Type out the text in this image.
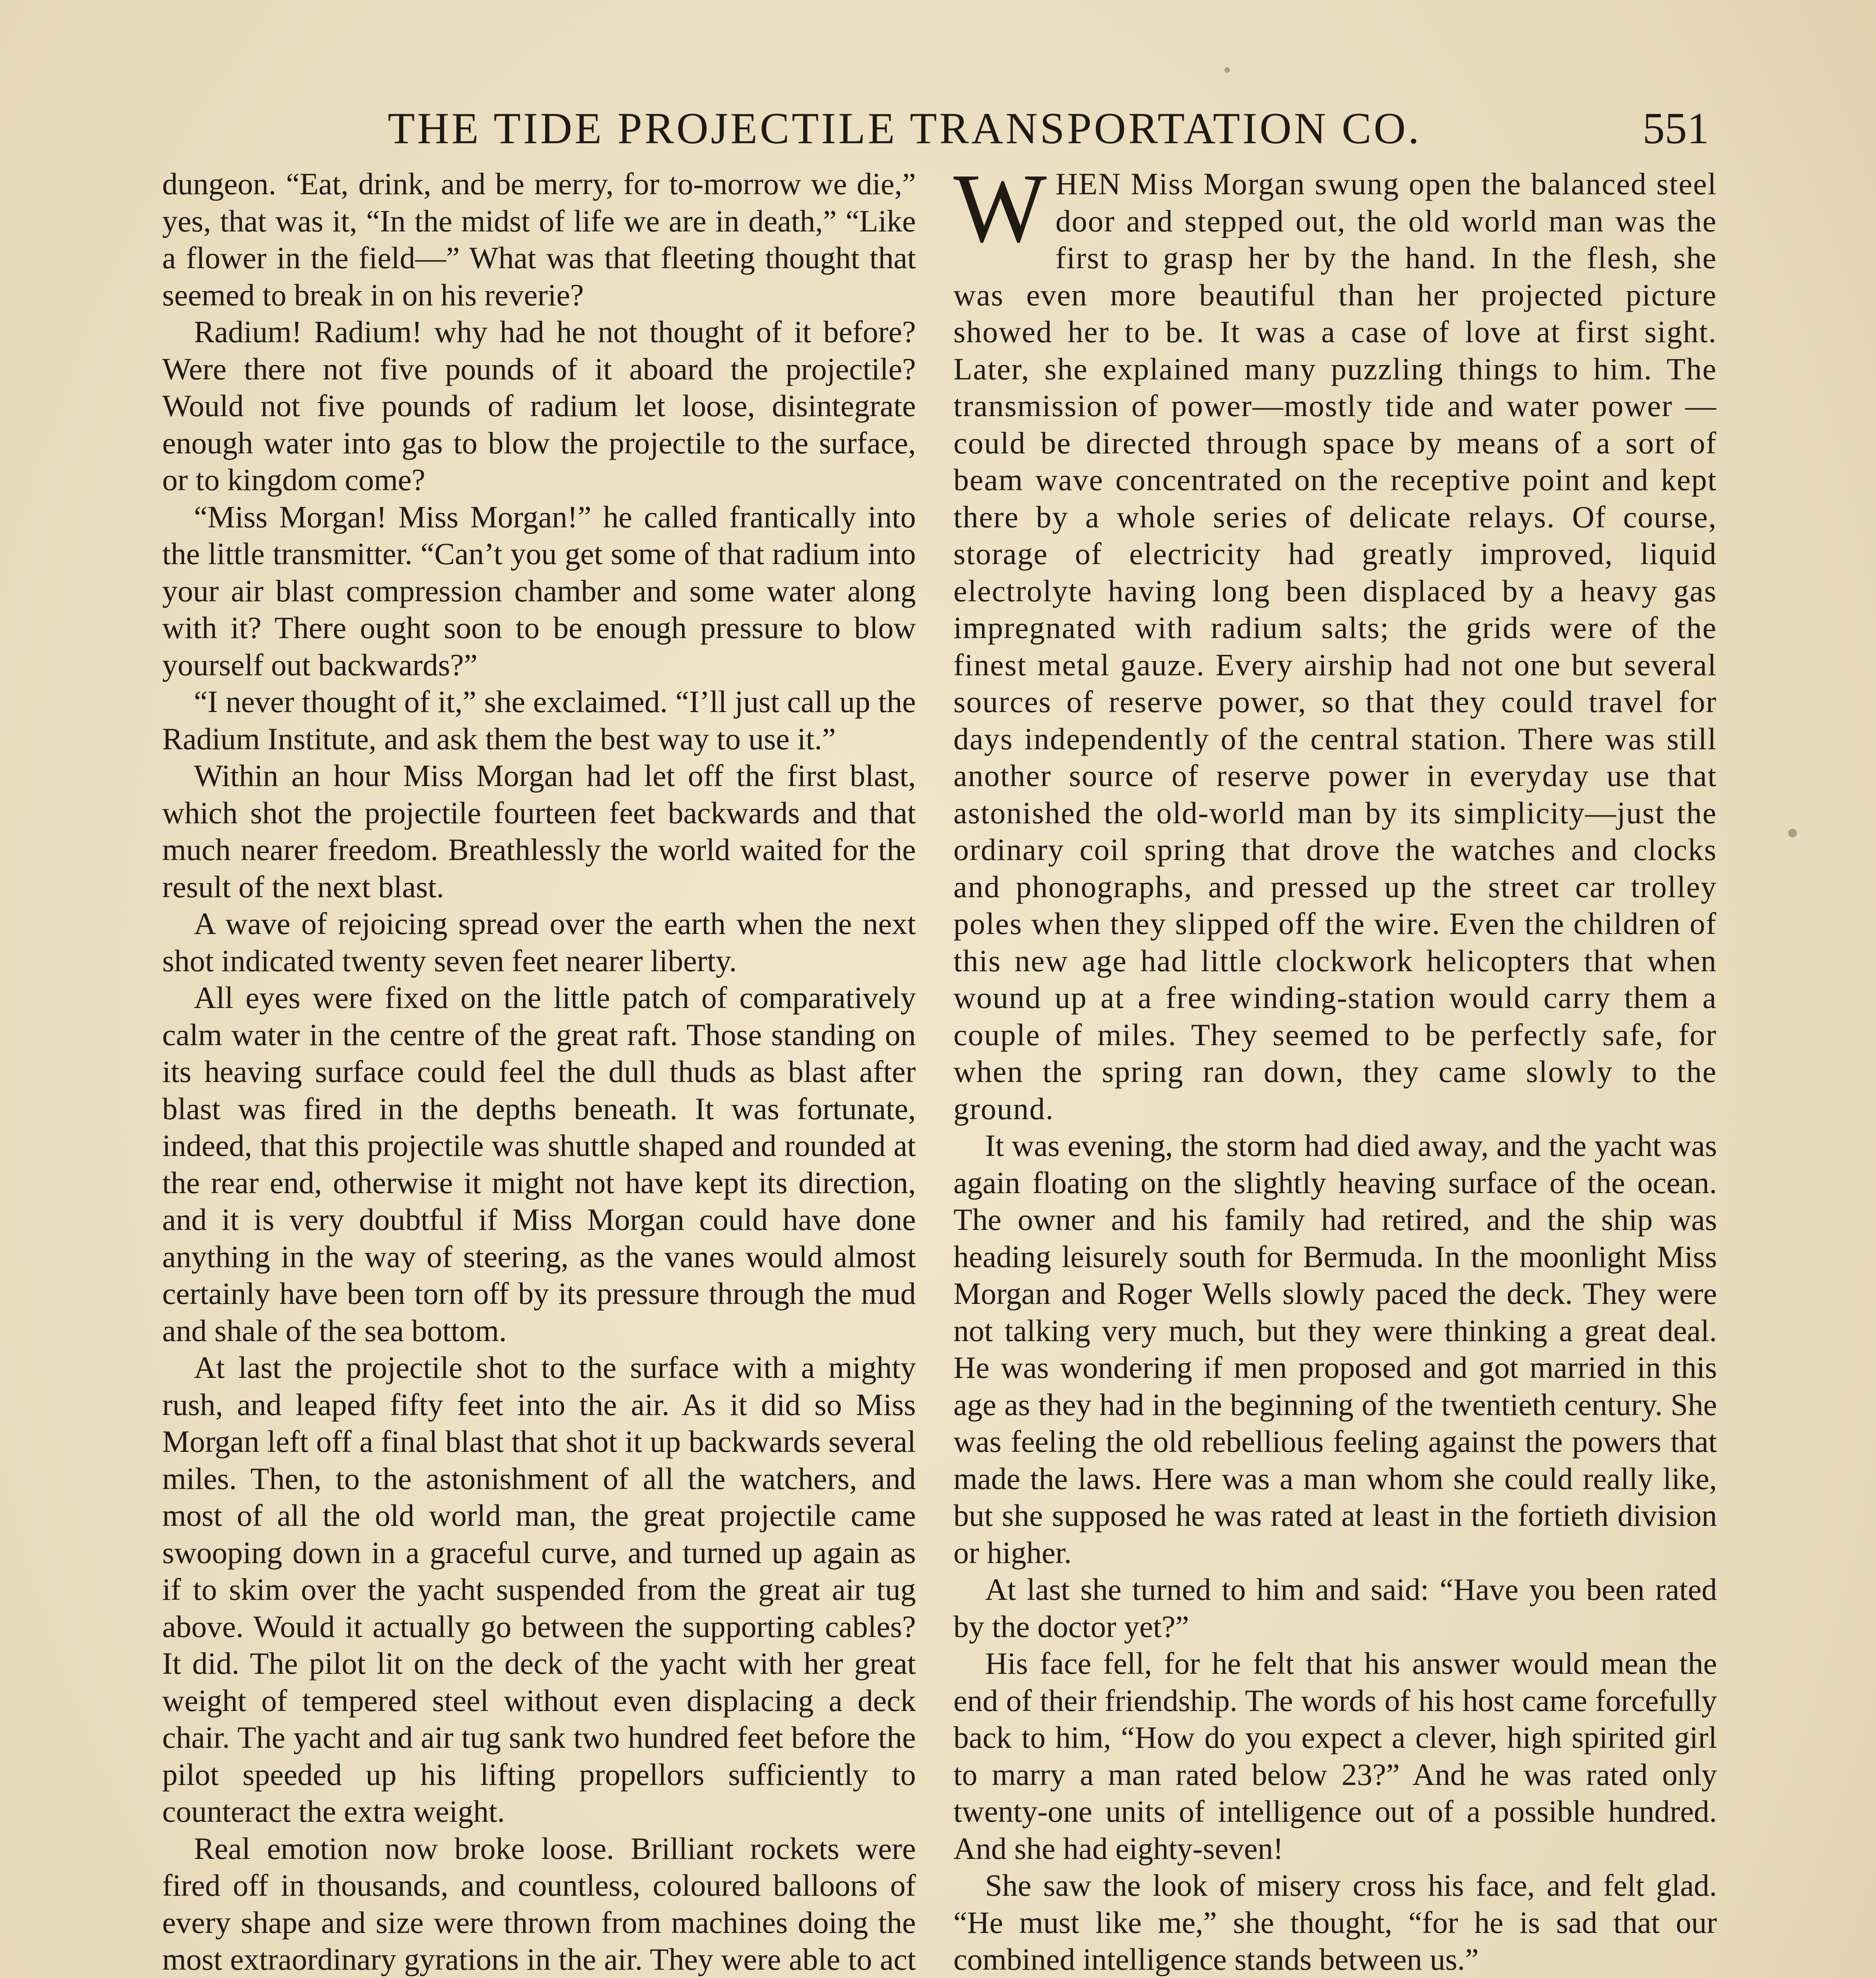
THE TIDE PROJECTILE TRANSPORTATION CO.	551

dungeon. “Eat, drink, and be merry, for to-morrow we die,” yes, that was it, “In the midst of life we are in death,” “Like a flower in the field—” What was that fleeting thought that seemed to break in on his reverie?

Radium! Radium! why had he not thought of it before? Were there not five pounds of it aboard the projectile? Would not five pounds of radium let loose, disintegrate enough water into gas to blow the projectile to the surface, or to kingdom come?

“Miss Morgan! Miss Morgan!” he called frantically into the little transmitter. “Can’t you get some of that radium into your air blast compression chamber and some water along with it? There ought soon to be enough pressure to blow yourself out backwards?”

“I never thought of it,” she exclaimed. “I’ll just call up the Radium Institute, and ask them the best way to use it.”

Within an hour Miss Morgan had let off the first blast, which shot the projectile fourteen feet backwards and that much nearer freedom. Breathlessly the world waited for the result of the next blast.

A wave of rejoicing spread over the earth when the next shot indicated twenty seven feet nearer liberty.

All eyes were fixed on the little patch of comparatively calm water in the centre of the great raft. Those standing on its heaving surface could feel the dull thuds as blast after blast was fired in the depths beneath. It was fortunate, indeed, that this projectile was shuttle shaped and rounded at the rear end, otherwise it might not have kept its direction, and it is very doubtful if Miss Morgan could have done anything in the way of steering, as the vanes would almost certainly have been torn off by its pressure through the mud and shale of the sea bottom.

At last the projectile shot to the surface with a mighty rush, and leaped fifty feet into the air. As it did so Miss Morgan left off a final blast that shot it up backwards several miles. Then, to the astonishment of all the watchers, and most of all the old world man, the great projectile came swooping down in a graceful curve, and turned up again as if to skim over the yacht suspended from the great air tug above. Would it actually go between the supporting cables? It did. The pilot lit on the deck of the yacht with her great weight of tempered steel without even displacing a deck chair. The yacht and air tug sank two hundred feet before the pilot speeded up his lifting propellors sufficiently to counteract the extra weight.

Real emotion now broke loose. Brilliant rockets were fired off in thousands, and countless, coloured balloons of every shape and size were thrown from machines doing the most extraordinary gyrations in the air. They were able to act

WHEN Miss Morgan swung open the balanced steel door and stepped out, the old world man was the first to grasp her by the hand. In the flesh, she was even more beautiful than her projected picture showed her to be. It was a case of love at first sight. Later, she explained many puzzling things to him. The transmission of power—mostly tide and water power —could be directed through space by means of a sort of beam wave concentrated on the receptive point and kept there by a whole series of delicate relays. Of course, storage of electricity had greatly improved, liquid electrolyte having long been displaced by a heavy gas impregnated with radium salts; the grids were of the finest metal gauze. Every airship had not one but several sources of reserve power, so that they could travel for days independently of the central station. There was still another source of reserve power in everyday use that astonished the old-world man by its simplicity—just the ordinary coil spring that drove the watches and clocks and phonographs, and pressed up the street car trolley poles when they slipped off the wire. Even the children of this new age had little clockwork helicopters that when wound up at a free winding-station would carry them a couple of miles. They seemed to be perfectly safe, for when the spring ran down, they came slowly to the ground.

It was evening, the storm had died away, and the yacht was again floating on the slightly heaving surface of the ocean. The owner and his family had retired, and the ship was heading leisurely south for Bermuda. In the moonlight Miss Morgan and Roger Wells slowly paced the deck. They were not talking very much, but they were thinking a great deal. He was wondering if men proposed and got married in this age as they had in the beginning of the twentieth century. She was feeling the old rebellious feeling against the powers that made the laws. Here was a man whom she could really like, but she supposed he was rated at least in the fortieth division or higher.

At last she turned to him and said: “Have you been rated by the doctor yet?”

His face fell, for he felt that his answer would mean the end of their friendship. The words of his host came forcefully back to him, “How do you expect a clever, high spirited girl to marry a man rated below 23?” And he was rated only twenty-one units of intelligence out of a possible hundred. And she had eighty-seven!

She saw the look of misery cross his face, and felt glad. “He must like me,” she thought, “for he is sad that our combined intelligence stands between us.”
